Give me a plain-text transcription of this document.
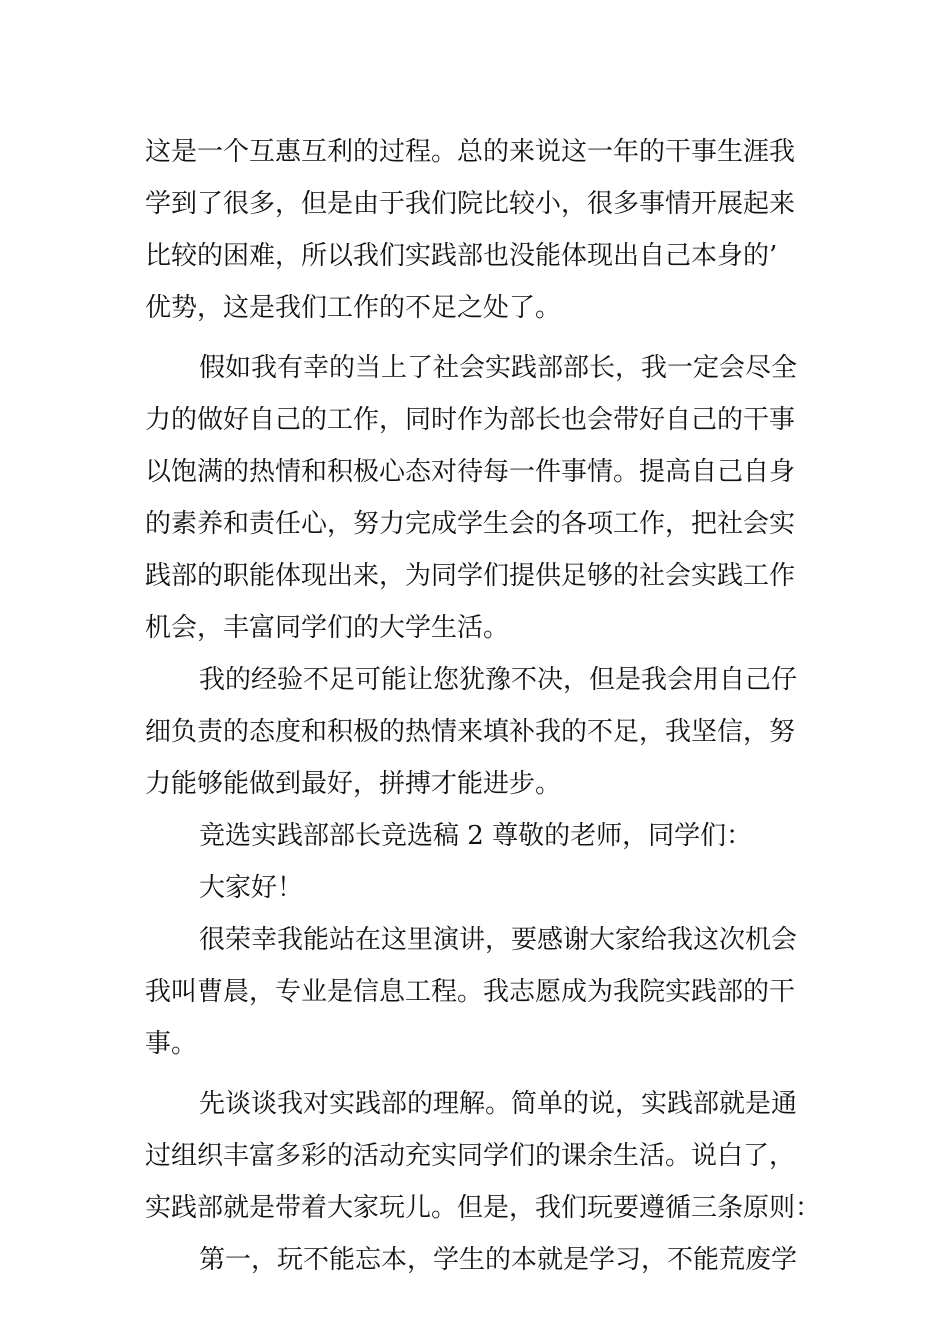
这是一个互惠互利的过程。总的来说这一年的干事生涯我
学到了很多，但是由于我们院比较小，很多事情开展起来
比较的困难，所以我们实践部也没能体现出自己本身的’
优势，这是我们工作的不足之处了。
假如我有幸的当上了社会实践部部长，我一定会尽全
力的做好自己的工作，同时作为部长也会带好自己的干事
以饱满的热情和积极心态对待每一件事情。提高自己自身
的素养和责任心，努力完成学生会的各项工作，把社会实
践部的职能体现出来，为同学们提供足够的社会实践工作
机会，丰富同学们的大学生活。
我的经验不足可能让您犹豫不决，但是我会用自己仔
细负责的态度和积极的热情来填补我的不足，我坚信，努
力能够能做到最好，拼搏才能进步。
竞选实践部部长竞选稿 2 尊敬的老师，同学们：
大家好！
很荣幸我能站在这里演讲，要感谢大家给我这次机会
我叫曹晨，专业是信息工程。我志愿成为我院实践部的干
事。
先谈谈我对实践部的理解。简单的说，实践部就是通
过组织丰富多彩的活动充实同学们的课余生活。说白了，
实践部就是带着大家玩儿。但是，我们玩要遵循三条原则：
第一，玩不能忘本，学生的本就是学习，不能荒废学
